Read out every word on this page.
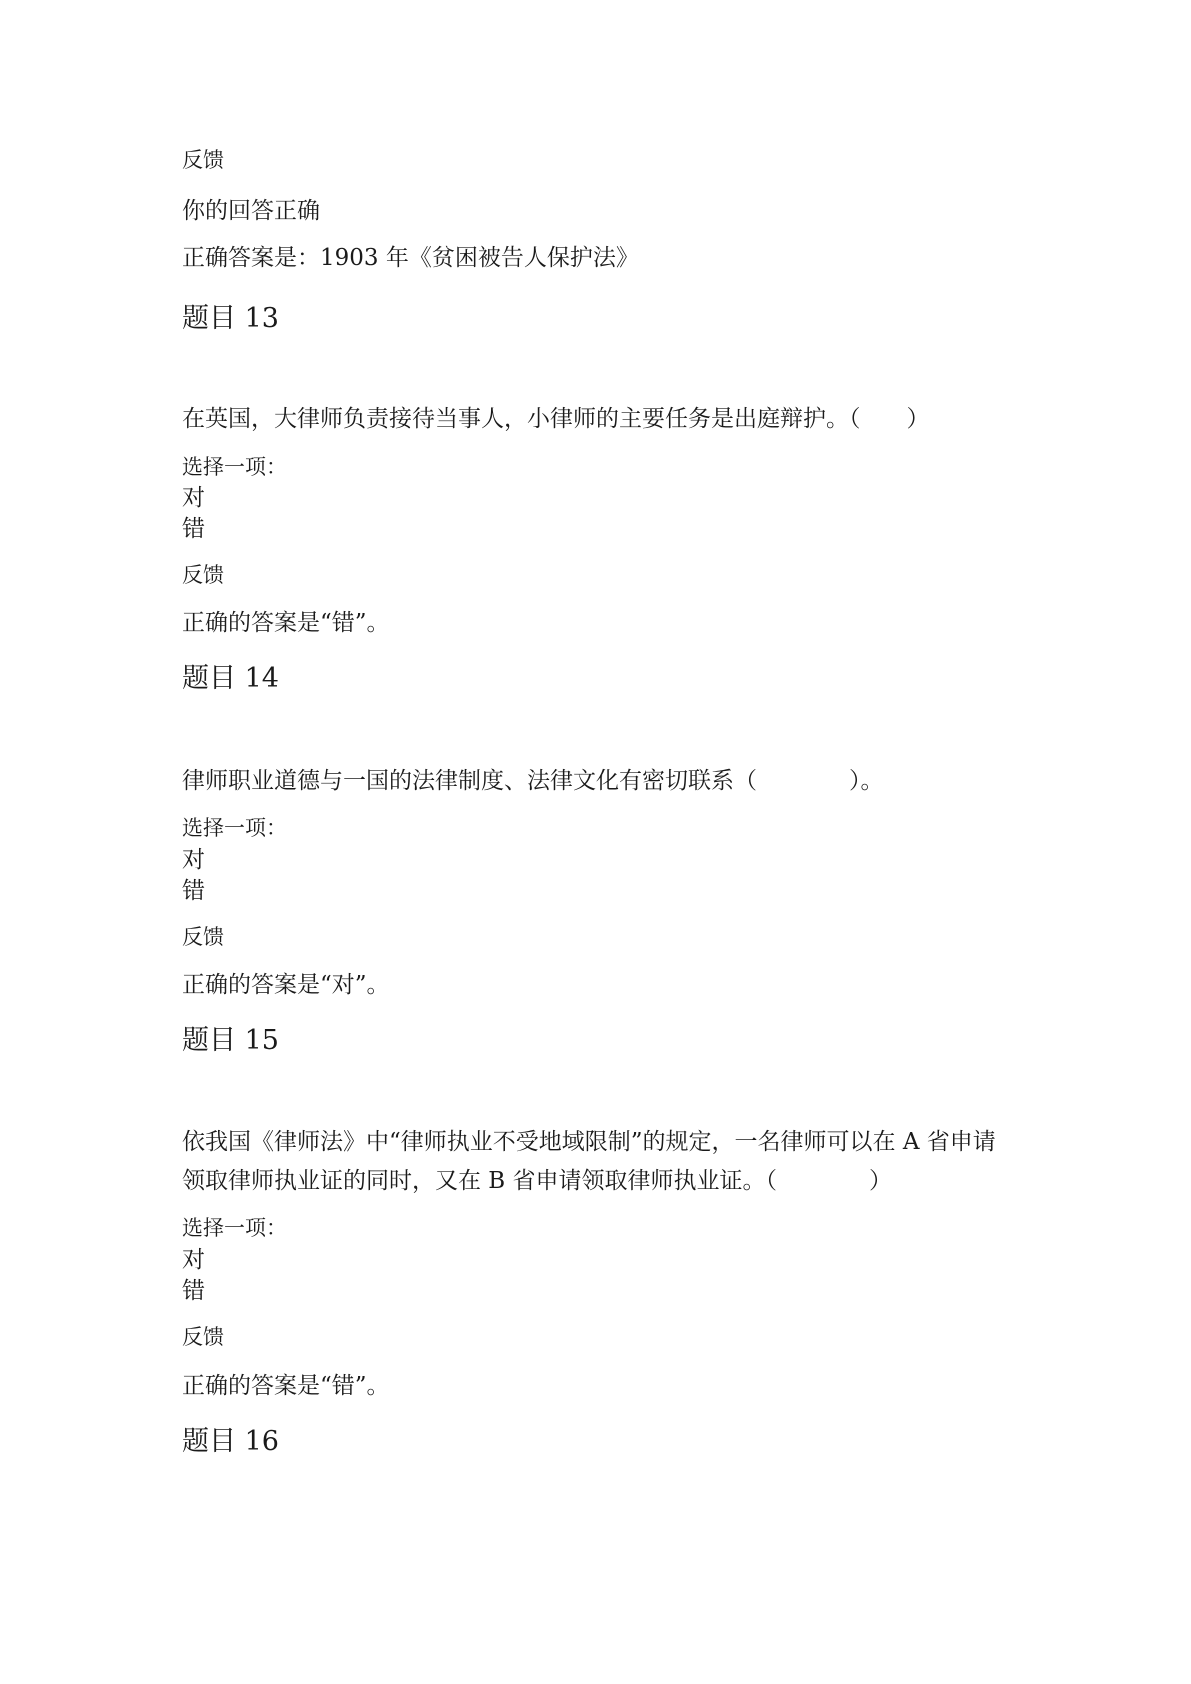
反馈
你的回答正确
正确答案是：1903 年《贫困被告人保护法》
题目 13
在英国，大律师负责接待当事人，小律师的主要任务是出庭辩护。（　　）
选择一项：
对
错
反馈
正确的答案是“错”。
题目 14
律师职业道德与一国的法律制度、法律文化有密切联系（　　　　）。
选择一项：
对
错
反馈
正确的答案是“对”。
题目 15
依我国《律师法》中“律师执业不受地域限制”的规定，一名律师可以在 A 省申请
领取律师执业证的同时，又在 B 省申请领取律师执业证。（　　　　）
选择一项：
对
错
反馈
正确的答案是“错”。
题目 16
